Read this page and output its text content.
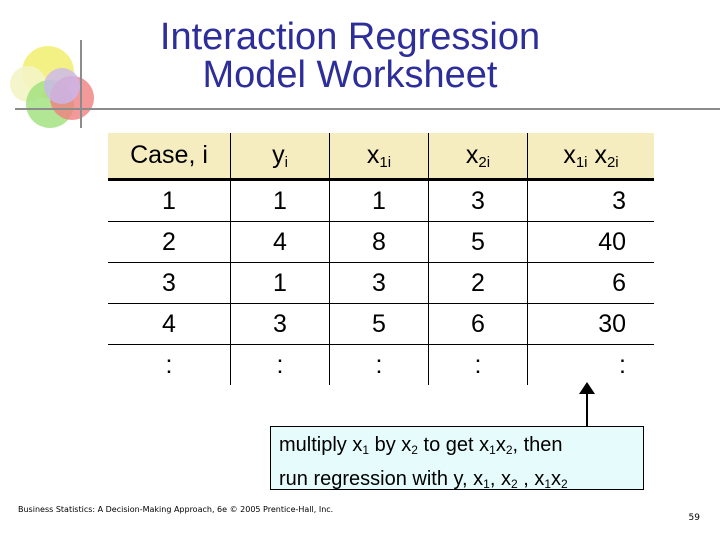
Interaction Regression
Model Worksheet
Case, i	$y_i$	$x_{1i}$	$x_{2i}$	$x_{1i}$ $x_{2i}$
1	1	1	3	3
2	4	8	5	40
3	1	3	2	6
4	3	5	6	30
:	:	:	:	:
multiply $x_1$ by $x_2$ to get $x_1x_2$, then
run regression with y, $x_1$, $x_2$ , $x_1x_2$
Business Statistics: A Decision-Making Approach, 6e © 2005 Prentice-Hall, Inc.
59
